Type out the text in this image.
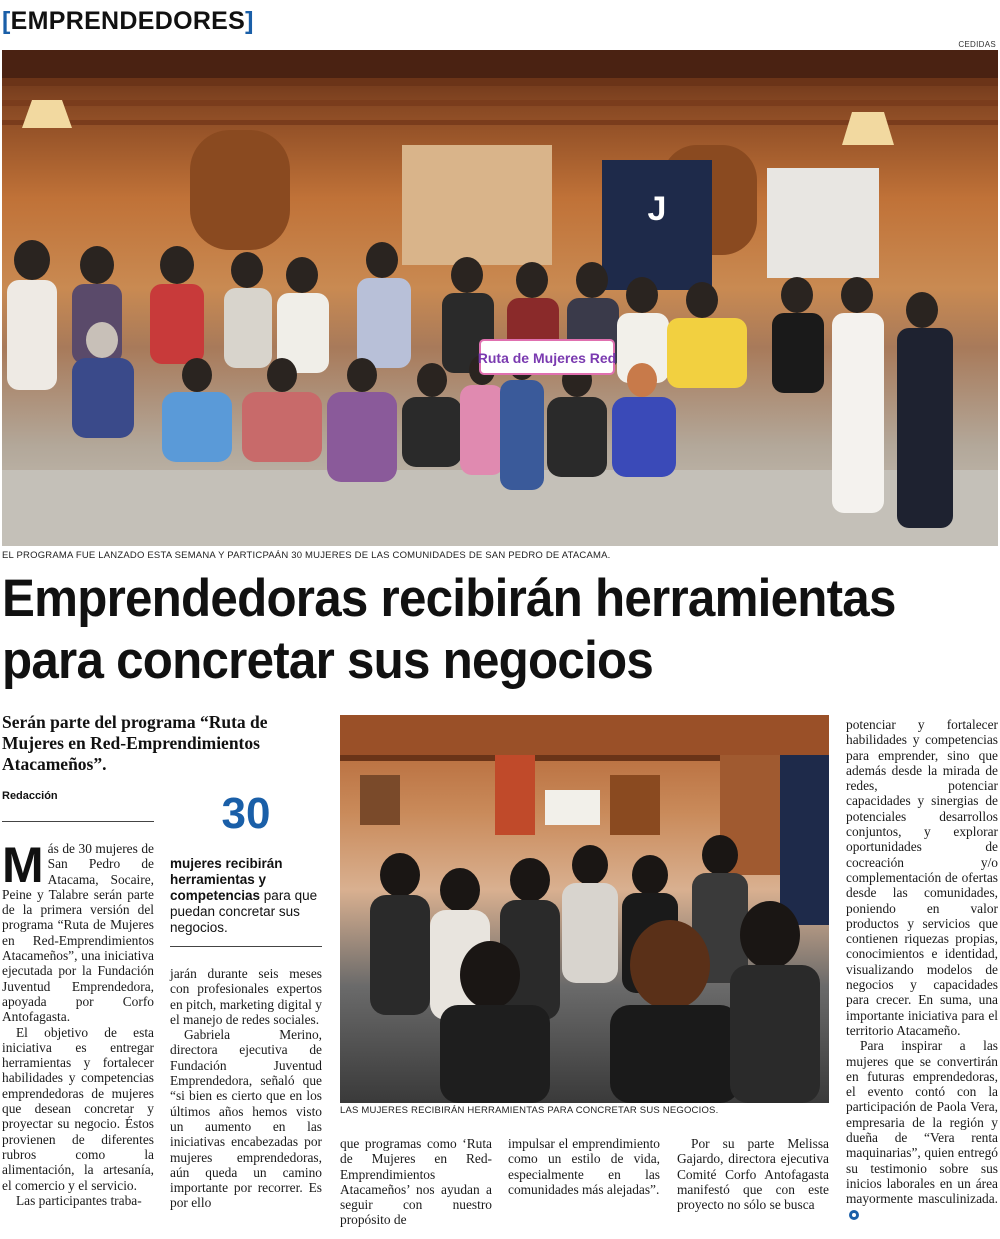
[ EMPRENDEDORES ]
CEDIDAS
J
Ruta de Mujeres Red
EL PROGRAMA FUE LANZADO ESTA SEMANA Y PARTICPAÁN 30 MUJERES DE LAS COMUNIDADES DE SAN PEDRO DE ATACAMA.
Emprendedoras recibirán herramientas
para concretar sus negocios
Serán parte del programa “Ruta de Mujeres en Red-Emprendimientos Atacameños”.
Redacción

Más de 30 mujeres de San Pedro de Atacama, Socaire, Peine y Talabre serán parte de la primera versión del programa “Ruta de Mujeres en Red-Emprendimientos Atacameños”, una iniciativa ejecutada por la Fundación Juventud Emprendedora, apoyada por Corfo Antofagasta.

El objetivo de esta iniciativa es entregar herramientas y fortalecer habilidades y competencias emprendedoras de mujeres que desean concretar y proyectar su negocio. Éstos provienen de diferentes rubros como la alimentación, la artesanía, el comercio y el servicio.

Las participantes traba-

30
mujeres recibirán herramientas y competencias para que puedan concretar sus negocios.

jarán durante seis meses con profesionales expertos en pitch, marketing digital y el manejo de redes sociales.

Gabriela Merino, directora ejecutiva de Fundación Juventud Emprendedora, señaló que “si bien es cierto que en los últimos años hemos visto un aumento en las iniciativas encabezadas por mujeres emprendedoras, aún queda un camino importante por recorrer. Es por ello

LAS MUJERES RECIBIRÁN HERRAMIENTAS PARA CONCRETAR SUS NEGOCIOS.

que programas como ‘Ruta de Mujeres en Red-Emprendimientos Atacameños’ nos ayudan a seguir con nuestro propósito de

impulsar el emprendimiento como un estilo de vida, especialmente en las comunidades más alejadas”.

Por su parte Melissa Gajardo, directora ejecutiva Comité Corfo Antofagasta manifestó que con este proyecto no sólo se busca

potenciar y fortalecer habilidades y competencias para emprender, sino que además desde la mirada de redes, potenciar capacidades y sinergias de potenciales desarrollos conjuntos, y explorar oportunidades de cocreación y/o complementación de ofertas desde las comunidades, poniendo en valor productos y servicios que contienen riquezas propias, conocimientos e identidad, visualizando modelos de negocios y capacidades para crecer. En suma, una importante iniciativa para el territorio Atacameño.

Para inspirar a las mujeres que se convertirán en futuras emprendedoras, el evento contó con la participación de Paola Vera, empresaria de la región y dueña de “Vera renta maquinarias”, quien entregó su testimonio sobre sus inicios laborales en un área mayormente masculinizada.
